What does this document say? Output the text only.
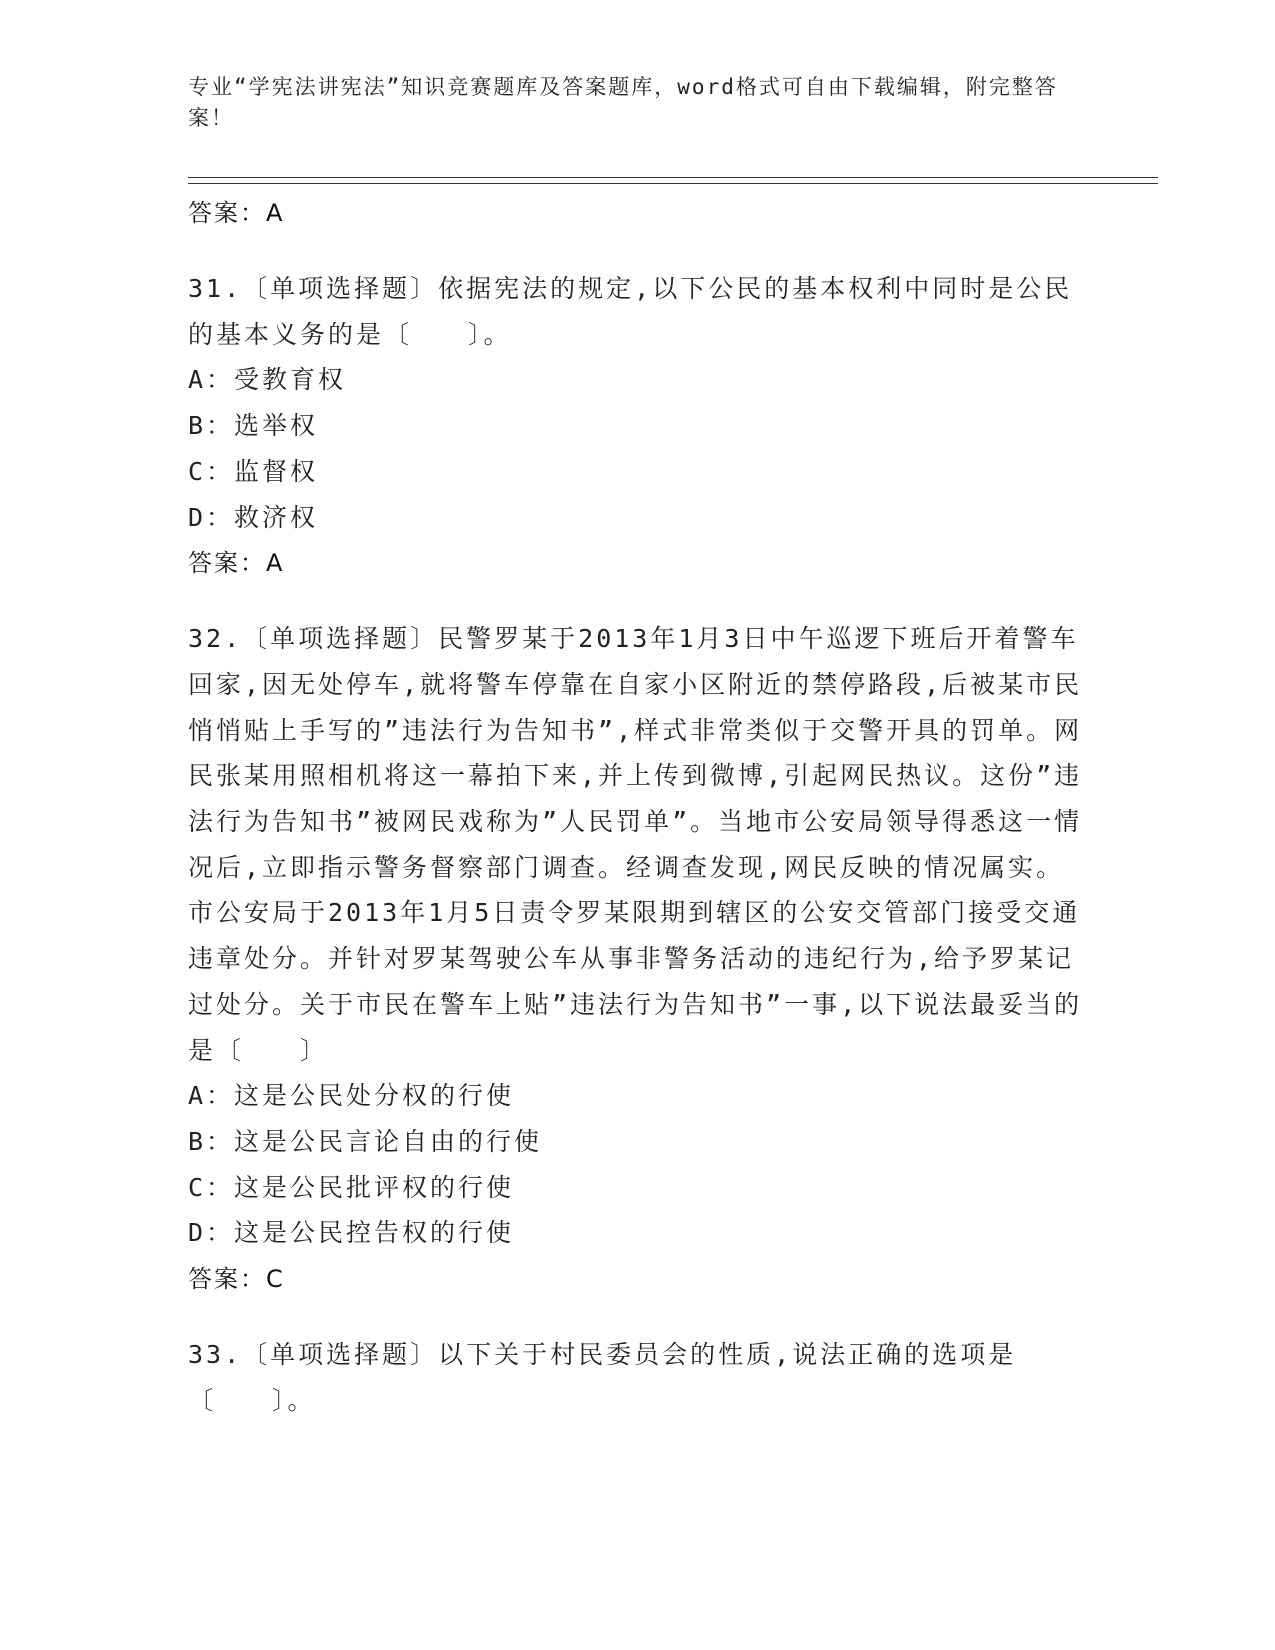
专业“学宪法讲宪法”知识竞赛题库及答案题库，word格式可自由下载编辑，附完整答案！
答案：A
31.〔单项选择题〕依据宪法的规定,以下公民的基本权利中同时是公民的基本义务的是〔　　〕。
A：受教育权
B：选举权
C：监督权
D：救济权
答案：A
32.〔单项选择题〕民警罗某于2013年1月3日中午巡逻下班后开着警车回家,因无处停车,就将警车停靠在自家小区附近的禁停路段,后被某市民悄悄贴上手写的”违法行为告知书”,样式非常类似于交警开具的罚单。网民张某用照相机将这一幕拍下来,并上传到微博,引起网民热议。这份”违法行为告知书”被网民戏称为”人民罚单”。当地市公安局领导得悉这一情况后,立即指示警务督察部门调查。经调查发现,网民反映的情况属实。市公安局于2013年1月5日责令罗某限期到辖区的公安交管部门接受交通违章处分。并针对罗某驾驶公车从事非警务活动的违纪行为,给予罗某记过处分。关于市民在警车上贴”违法行为告知书”一事,以下说法最妥当的是〔　　〕
A：这是公民处分权的行使
B：这是公民言论自由的行使
C：这是公民批评权的行使
D：这是公民控告权的行使
答案：C
33.〔单项选择题〕以下关于村民委员会的性质,说法正确的选项是〔　　〕。
